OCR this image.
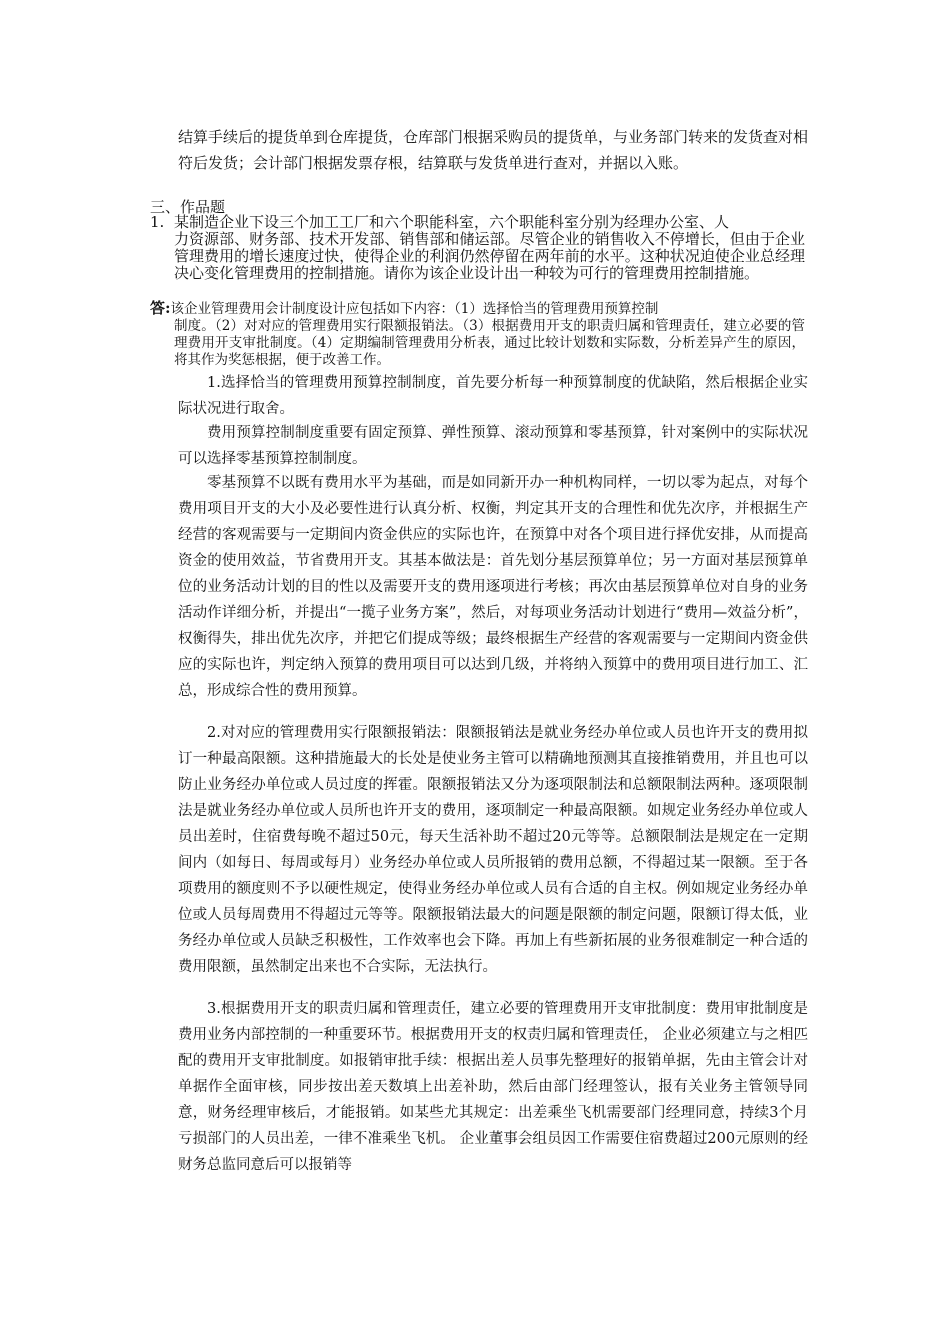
结算手续后的提货单到仓库提货，仓库部门根据采购员的提货单，与业务部门转来的发货查对相符后发货；会计部门根据发票存根，结算联与发货单进行查对，并据以入账。

三、作品题

1. 某制造企业下设三个加工工厂和六个职能科室，六个职能科室分别为经理办公室、人
力资源部、财务部、技术开发部、销售部和储运部。尽管企业的销售收入不停增长，但由于企业管理费用的增长速度过快，使得企业的利润仍然停留在两年前的水平。这种状况迫使企业总经理决心变化管理费用的控制措施。请你为该企业设计出一种较为可行的管理费用控制措施。
答:该企业管理费用会计制度设计应包括如下内容：（1）选择恰当的管理费用预算控制
制度。（2）对对应的管理费用实行限额报销法。（3）根据费用开支的职责归属和管理责任，建立必要的管理费用开支审批制度。（4）定期编制管理费用分析表，通过比较计划数和实际数，分析差异产生的原因，将其作为奖惩根据，便于改善工作。

1.选择恰当的管理费用预算控制制度，首先要分析每一种预算制度的优缺陷，然后根据企业实际状况进行取舍。

费用预算控制制度重要有固定预算、弹性预算、滚动预算和零基预算，针对案例中的实际状况可以选择零基预算控制制度。

零基预算不以既有费用水平为基础，而是如同新开办一种机构同样，一切以零为起点，对每个费用项目开支的大小及必要性进行认真分析、权衡，判定其开支的合理性和优先次序，并根据生产经营的客观需要与一定期间内资金供应的实际也许，在预算中对各个项目进行择优安排，从而提高资金的使用效益，节省费用开支。其基本做法是：首先划分基层预算单位；另一方面对基层预算单位的业务活动计划的目的性以及需要开支的费用逐项进行考核；再次由基层预算单位对自身的业务活动作详细分析，并提出“一揽子业务方案”，然后，对每项业务活动计划进行“费用—效益分析”，权衡得失，排出优先次序，并把它们提成等级；最终根据生产经营的客观需要与一定期间内资金供应的实际也许，判定纳入预算的费用项目可以达到几级，并将纳入预算中的费用项目进行加工、汇总，形成综合性的费用预算。

2.对对应的管理费用实行限额报销法：限额报销法是就业务经办单位或人员也许开支的费用拟订一种最高限额。这种措施最大的长处是使业务主管可以精确地预测其直接推销费用，并且也可以防止业务经办单位或人员过度的挥霍。限额报销法又分为逐项限制法和总额限制法两种。逐项限制法是就业务经办单位或人员所也许开支的费用，逐项制定一种最高限额。如规定业务经办单位或人员出差时，住宿费每晚不超过50元，每天生活补助不超过20元等等。总额限制法是规定在一定期间内（如每日、每周或每月）业务经办单位或人员所报销的费用总额，不得超过某一限额。至于各项费用的额度则不予以硬性规定，使得业务经办单位或人员有合适的自主权。例如规定业务经办单位或人员每周费用不得超过元等等。限额报销法最大的问题是限额的制定问题，限额订得太低，业务经办单位或人员缺乏积极性，工作效率也会下降。再加上有些新拓展的业务很难制定一种合适的费用限额，虽然制定出来也不合实际，无法执行。

3.根据费用开支的职责归属和管理责任，建立必要的管理费用开支审批制度：费用审批制度是费用业务内部控制的一种重要环节。根据费用开支的权责归属和管理责任， 企业必须建立与之相匹配的费用开支审批制度。如报销审批手续：根据出差人员事先整理好的报销单据，先由主管会计对单据作全面审核，同步按出差天数填上出差补助，然后由部门经理签认，报有关业务主管领导同意，财务经理审核后，才能报销。如某些尤其规定：出差乘坐飞机需要部门经理同意，持续3个月亏损部门的人员出差，一律不准乘坐飞机。 企业董事会组员因工作需要住宿费超过200元原则的经财务总监同意后可以报销等
